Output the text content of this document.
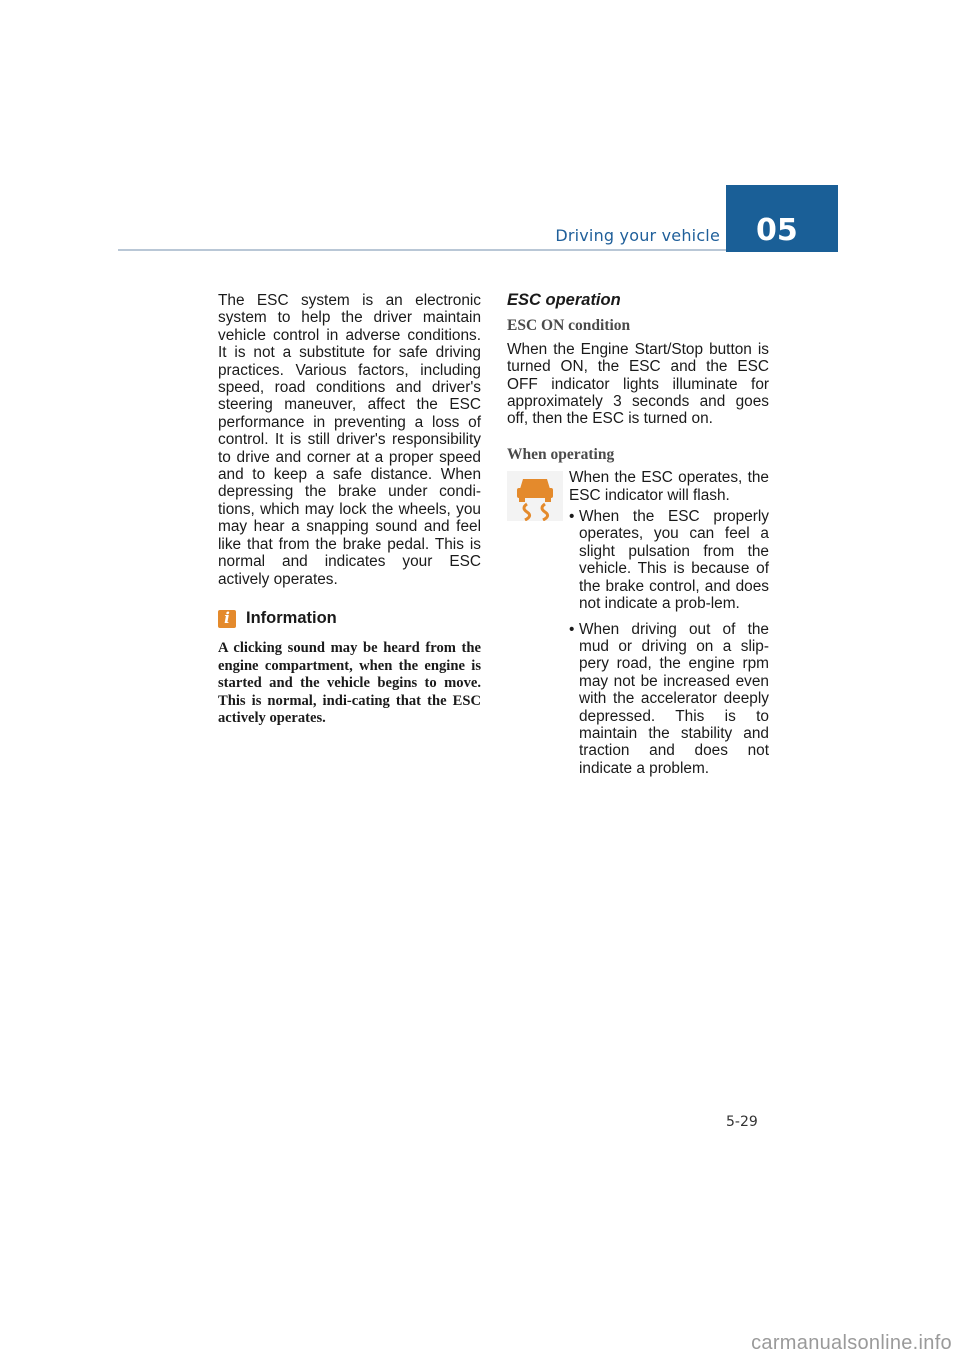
Driving your vehicle 05

The ESC system is an electronic system to help the driver maintain vehicle control in adverse conditions. It is not a substitute for safe driving practices. Various factors, including speed, road conditions and driver's steering maneuver, affect the ESC performance in preventing a loss of control. It is still driver's responsibility to drive and corner at a proper speed and to keep a safe distance. When depressing the brake under condi-tions, which may lock the wheels, you may hear a snapping sound and feel like that from the brake pedal. This is normal and indicates your ESC actively operates.

i Information
A clicking sound may be heard from the engine compartment, when the engine is started and the vehicle begins to move. This is normal, indi-cating that the ESC actively operates.
ESC operation
ESC ON condition

When the Engine Start/Stop button is turned ON, the ESC and the ESC OFF indicator lights illuminate for approximately 3 seconds and goes off, then the ESC is turned on.

When operating

When the ESC operates, the ESC indicator will flash.

• When the ESC properly operates, you can feel a slight pulsation from the vehicle. This is because of the brake control, and does not indicate a prob-lem.
• When driving out of the mud or driving on a slip-pery road, the engine rpm may not be increased even with the accelerator deeply depressed. This is to maintain the stability and traction and does not indicate a problem.
5-29
carmanualsonline.info
